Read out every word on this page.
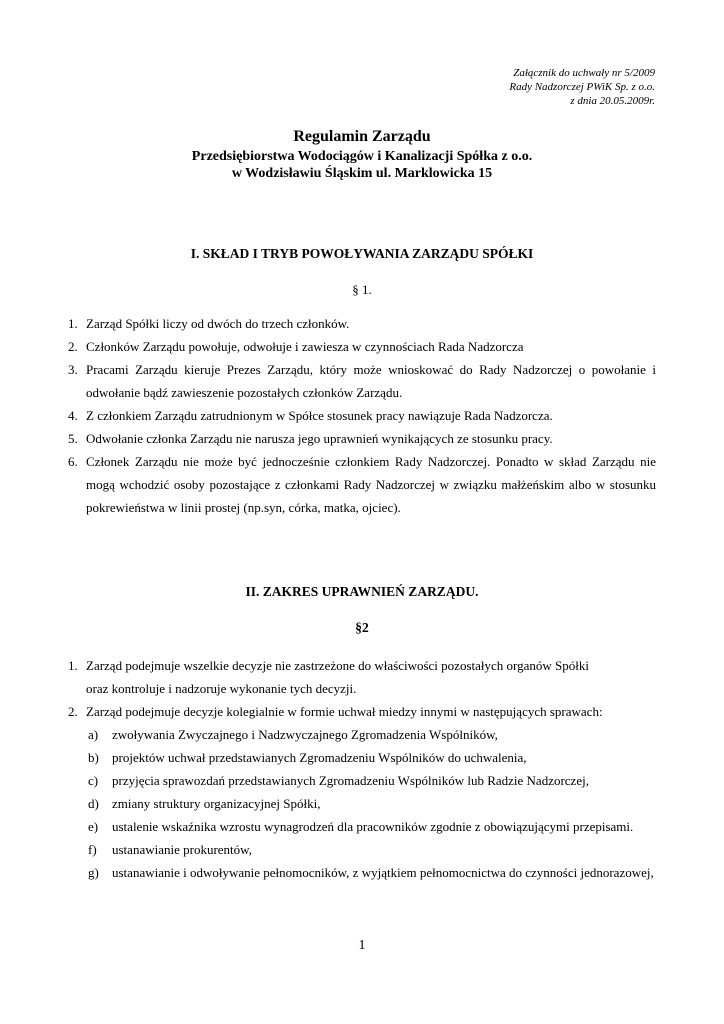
Załącznik do uchwały nr 5/2009
Rady Nadzorczej PWiK Sp. z o.o.
z dnia 20.05.2009r.
Regulamin Zarządu
Przedsiębiorstwa Wodociągów i Kanalizacji Spółka z o.o.
w Wodzisławiu Śląskim ul. Marklowicka 15
I. SKŁAD I TRYB POWOŁYWANIA ZARZĄDU SPÓŁKI
§ 1.
1. Zarząd Spółki liczy od dwóch do trzech członków.
2. Członków Zarządu powołuje, odwołuje i zawiesza w czynnościach Rada Nadzorcza
3. Pracami Zarządu kieruje Prezes Zarządu, który może wnioskować do Rady Nadzorczej o powołanie i odwołanie bądź zawieszenie pozostałych członków Zarządu.
4. Z członkiem Zarządu zatrudnionym w Spółce stosunek pracy nawiązuje Rada Nadzorcza.
5. Odwołanie członka Zarządu nie narusza jego uprawnień wynikających ze stosunku pracy.
6. Członek Zarządu nie może być jednocześnie członkiem Rady Nadzorczej. Ponadto w skład Zarządu nie mogą wchodzić osoby pozostające z członkami Rady Nadzorczej w związku małżeńskim albo w stosunku pokrewieństwa w linii prostej (np.syn, córka, matka, ojciec).
II. ZAKRES UPRAWNIEŃ ZARZĄDU.
§2
1. Zarząd podejmuje wszelkie decyzje nie zastrzeżone do właściwości pozostałych organów Spółki
oraz kontroluje i nadzoruje wykonanie tych decyzji.
2. Zarząd podejmuje decyzje kolegialnie w formie uchwał miedzy innymi w następujących sprawach:
a)	zwoływania Zwyczajnego i Nadzwyczajnego Zgromadzenia Wspólników,
b)	projektów uchwał przedstawianych Zgromadzeniu Wspólników do uchwalenia,
c)	przyjęcia sprawozdań przedstawianych Zgromadzeniu Wspólników lub Radzie Nadzorczej,
d)	zmiany struktury organizacyjnej Spółki,
e)	ustalenie wskaźnika wzrostu wynagrodzeń dla pracowników zgodnie z obowiązującymi przepisami.
f)	ustanawianie prokurentów,
g)	ustanawianie i odwoływanie pełnomocników, z wyjątkiem pełnomocnictwa do czynności jednorazowej,
1
